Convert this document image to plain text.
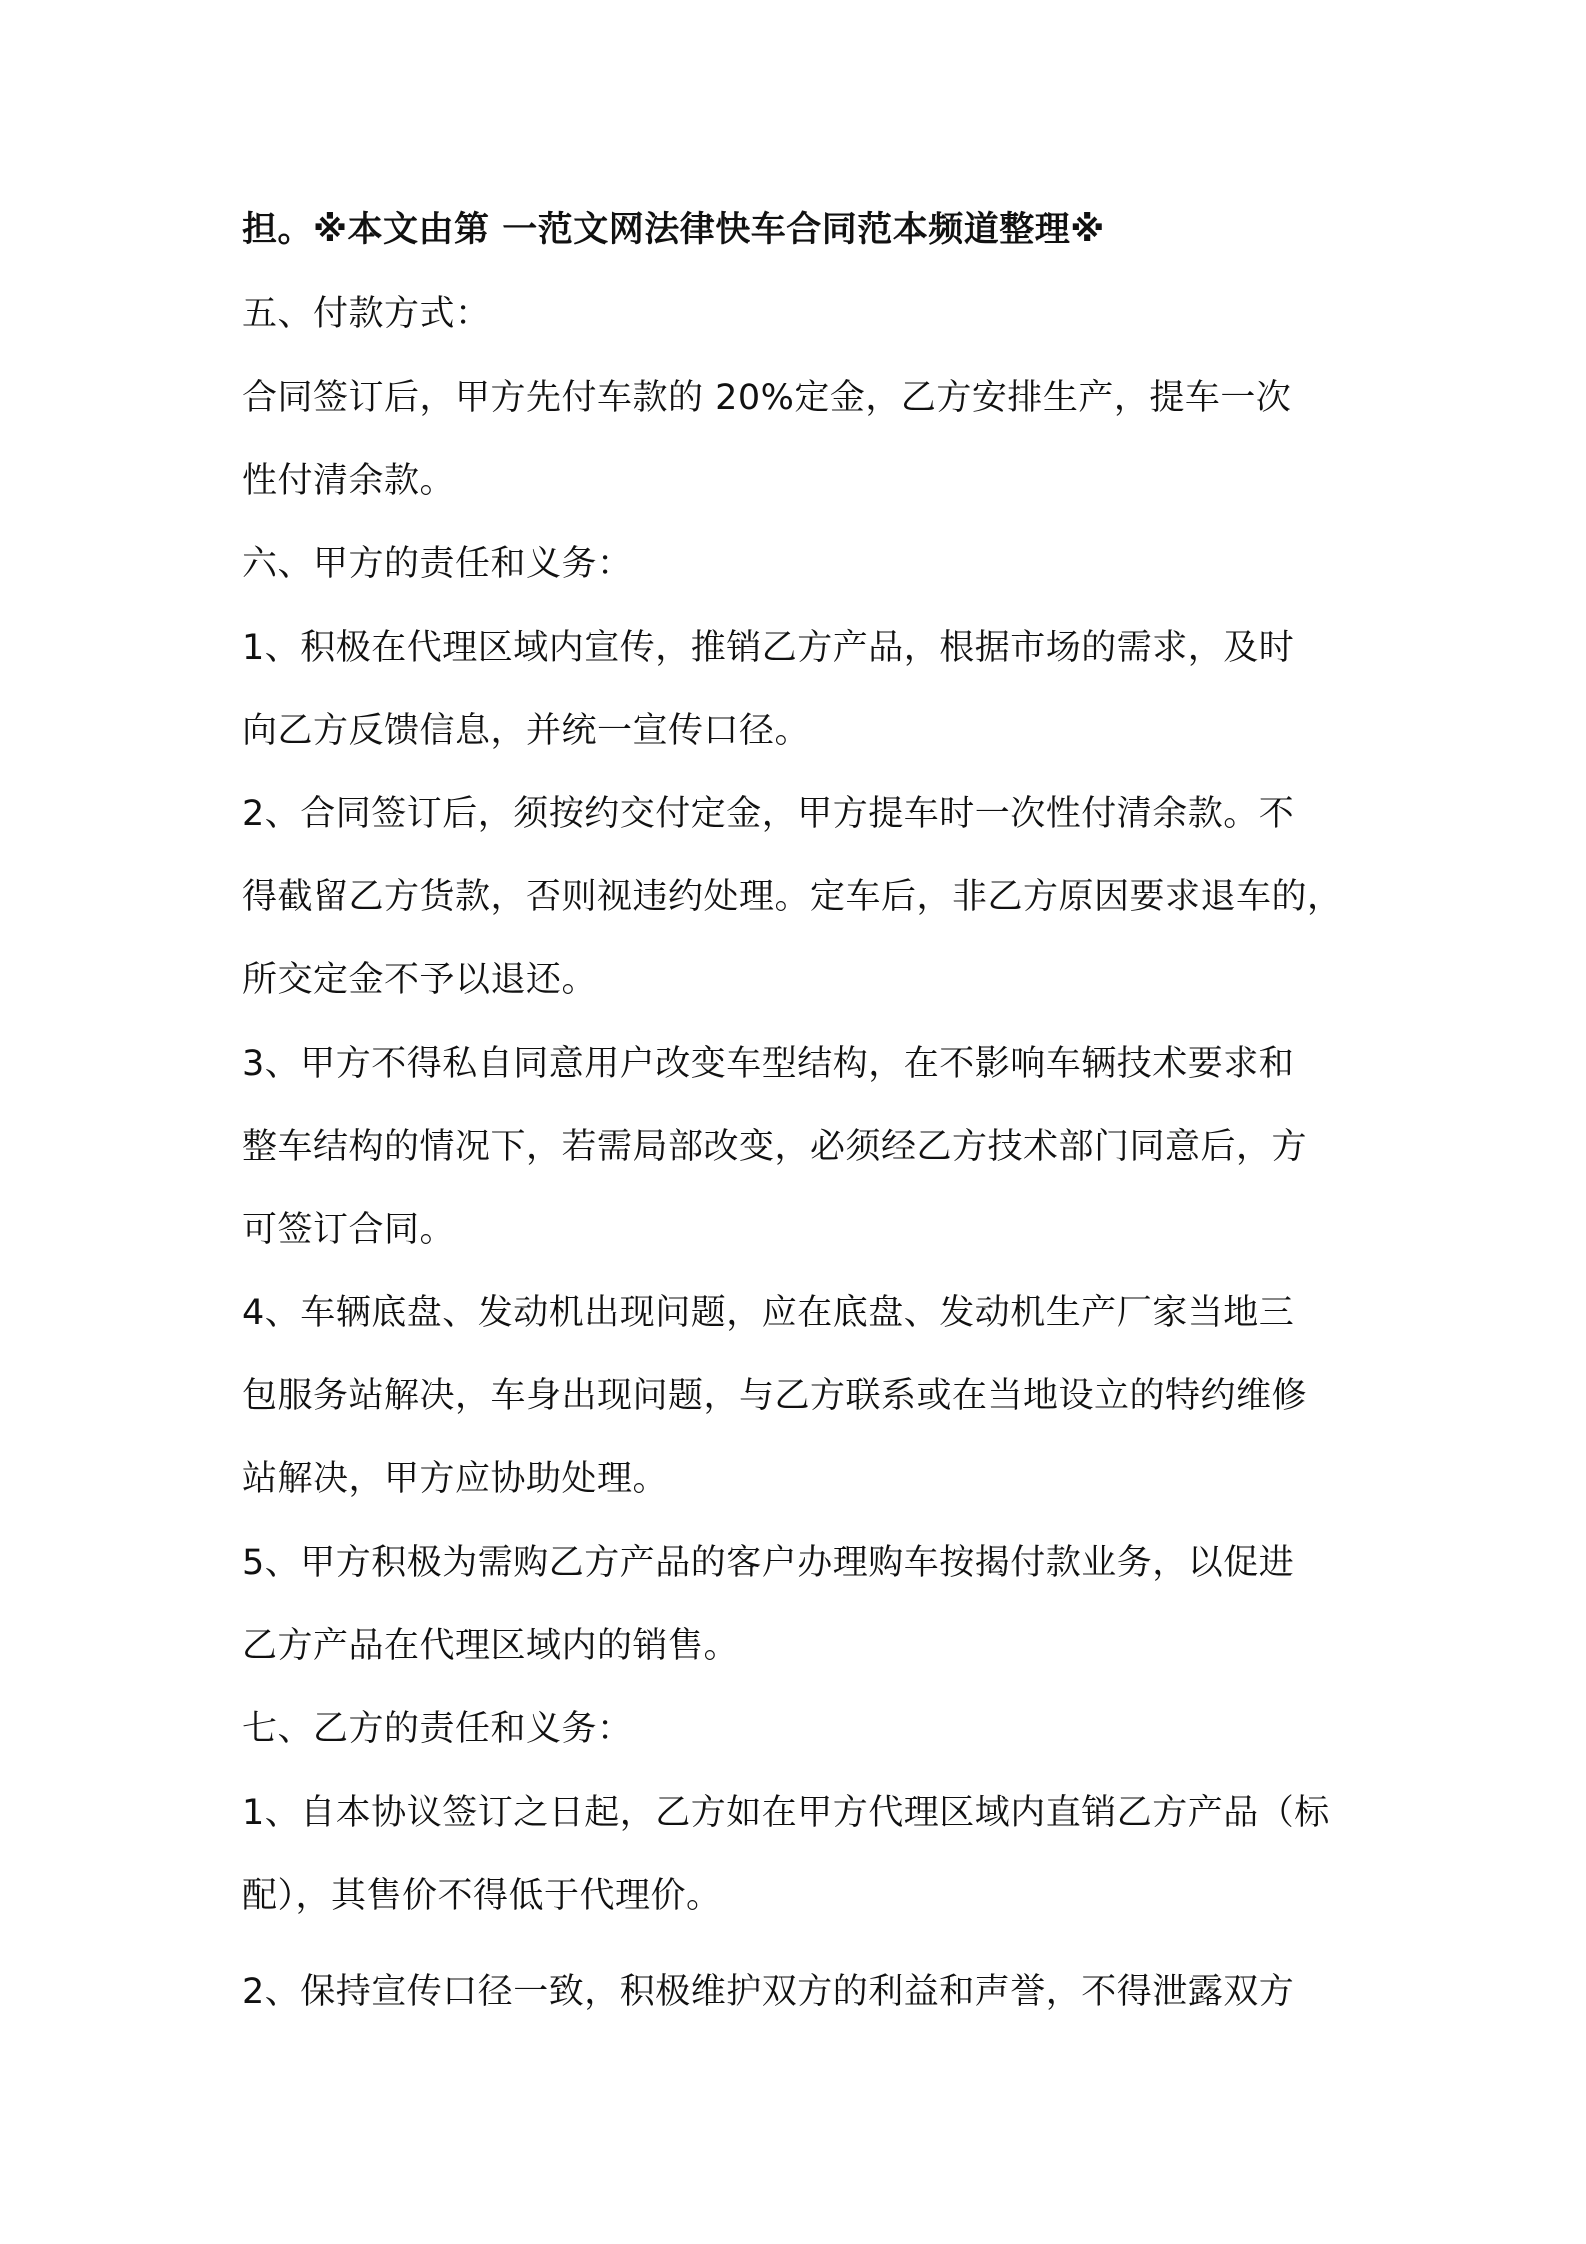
担。※本文由第 一范文网法律快车合同范本频道整理※
五、付款方式：
合同签订后，甲方先付车款的 20%定金，乙方安排生产，提车一次
性付清余款。
六、甲方的责任和义务：
1、积极在代理区域内宣传，推销乙方产品，根据市场的需求，及时
向乙方反馈信息，并统一宣传口径。
2、合同签订后，须按约交付定金，甲方提车时一次性付清余款。不
得截留乙方货款，否则视违约处理。定车后，非乙方原因要求退车的，
所交定金不予以退还。
3、甲方不得私自同意用户改变车型结构，在不影响车辆技术要求和
整车结构的情况下，若需局部改变，必须经乙方技术部门同意后，方
可签订合同。
4、车辆底盘、发动机出现问题，应在底盘、发动机生产厂家当地三
包服务站解决，车身出现问题，与乙方联系或在当地设立的特约维修
站解决，甲方应协助处理。
5、甲方积极为需购乙方产品的客户办理购车按揭付款业务，以促进
乙方产品在代理区域内的销售。
七、乙方的责任和义务：
1、自本协议签订之日起，乙方如在甲方代理区域内直销乙方产品（标
配），其售价不得低于代理价。
2、保持宣传口径一致，积极维护双方的利益和声誉，不得泄露双方
